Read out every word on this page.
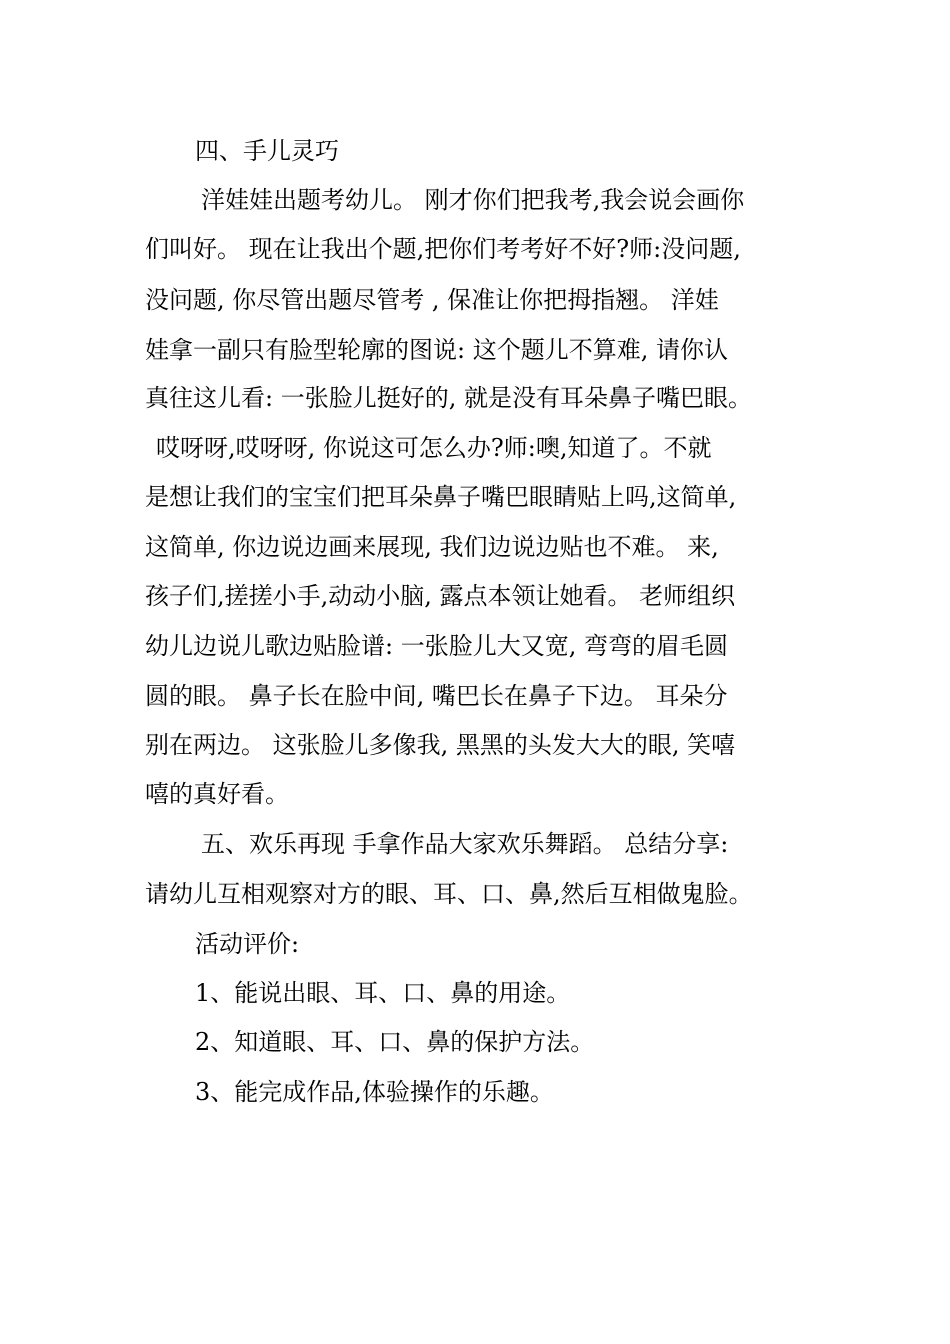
四、手儿灵巧
洋娃娃出题考幼儿。 刚才你们把我考,我会说会画你
们叫好。 现在让我出个题,把你们考考好不好?师:没问题,
没问题, 你尽管出题尽管考 , 保准让你把拇指翘。 洋娃
娃拿一副只有脸型轮廓的图说: 这个题儿不算难, 请你认
真往这儿看: 一张脸儿挺好的, 就是没有耳朵鼻子嘴巴眼。
哎呀呀,哎呀呀, 你说这可怎么办?师:噢,知道了。不就
是想让我们的宝宝们把耳朵鼻子嘴巴眼睛贴上吗,这简单,
这简单, 你边说边画来展现, 我们边说边贴也不难。 来,
孩子们,搓搓小手,动动小脑, 露点本领让她看。 老师组织
幼儿边说儿歌边贴脸谱: 一张脸儿大又宽, 弯弯的眉毛圆
圆的眼。 鼻子长在脸中间, 嘴巴长在鼻子下边。 耳朵分
别在两边。 这张脸儿多像我, 黑黑的头发大大的眼, 笑嘻
嘻的真好看。
五、欢乐再现 手拿作品大家欢乐舞蹈。 总结分享:
请幼儿互相观察对方的眼、耳、口、鼻,然后互相做鬼脸。
活动评价:
1、能说出眼、耳、口、鼻的用途。
2、知道眼、耳、口、鼻的保护方法。
3、能完成作品,体验操作的乐趣。
